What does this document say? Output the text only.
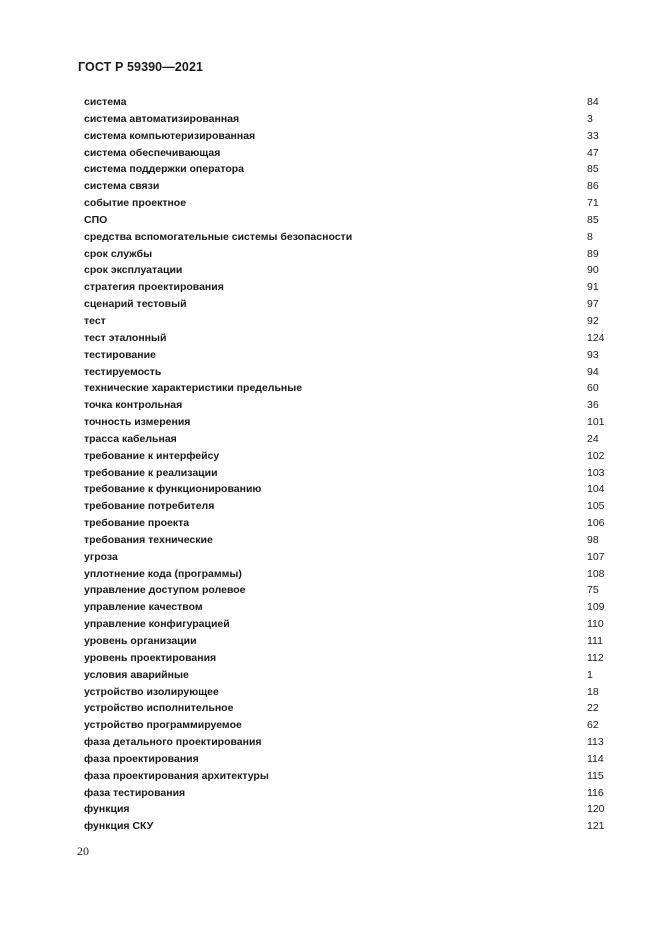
ГОСТ Р 59390—2021
система	84
система автоматизированная	3
система компьютеризированная	33
система обеспечивающая	47
система поддержки оператора	85
система связи	86
событие проектное	71
СПО	85
средства вспомогательные системы безопасности	8
срок службы	89
срок эксплуатации	90
стратегия проектирования	91
сценарий тестовый	97
тест	92
тест эталонный	124
тестирование	93
тестируемость	94
технические характеристики предельные	60
точка контрольная	36
точность измерения	101
трасса кабельная	24
требование к интерфейсу	102
требование к реализации	103
требование к функционированию	104
требование потребителя	105
требование проекта	106
требования технические	98
угроза	107
уплотнение кода (программы)	108
управление доступом ролевое	75
управление качеством	109
управление конфигурацией	110
уровень организации	111
уровень проектирования	112
условия аварийные	1
устройство изолирующее	18
устройство исполнительное	22
устройство программируемое	62
фаза детального проектирования	113
фаза проектирования	114
фаза проектирования архитектуры	115
фаза тестирования	116
функция	120
функция СКУ	121
20
